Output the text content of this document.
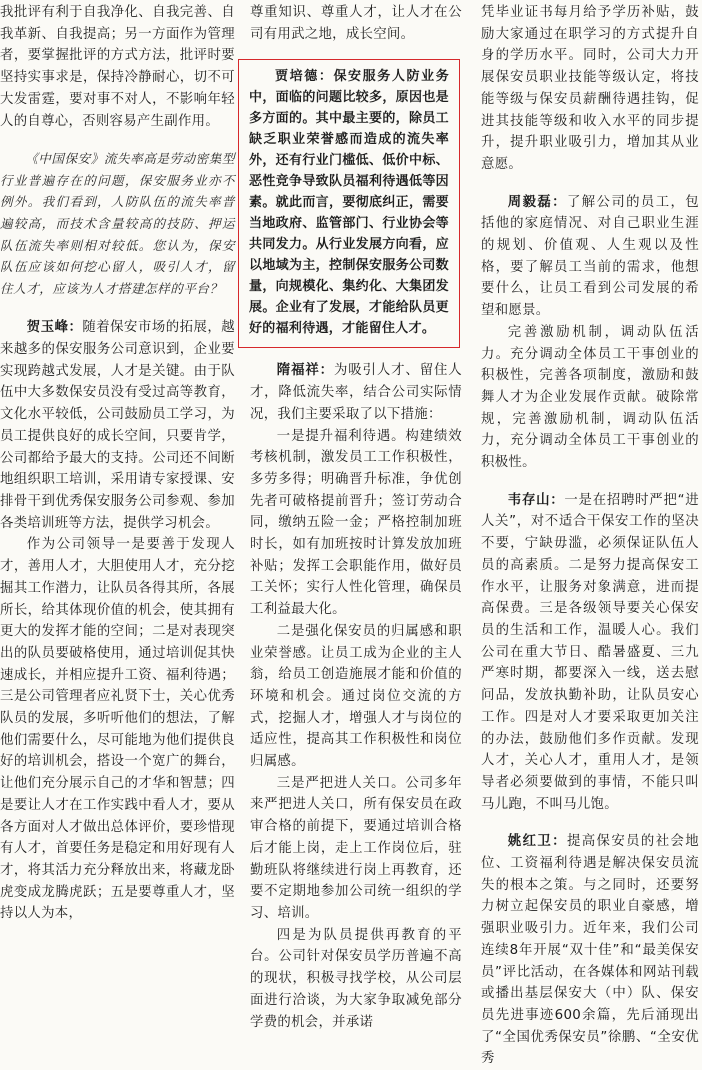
我批评有利于自我净化、自我完善、自我革新、自我提高；另一方面作为管理者，要掌握批评的方式方法，批评时要坚持实事求是，保持冷静耐心，切不可大发雷霆，要对事不对人，不影响年轻人的自尊心，否则容易产生副作用。

《中国保安》流失率高是劳动密集型行业普遍存在的问题，保安服务业亦不例外。我们看到，人防队伍的流失率普遍较高，而技术含量较高的技防、押运队伍流失率则相对较低。您认为，保安队伍应该如何挖心留人，吸引人才，留住人才，应该为人才搭建怎样的平台？

贺玉峰：随着保安市场的拓展，越来越多的保安服务公司意识到，企业要实现跨越式发展，人才是关键。由于队伍中大多数保安员没有受过高等教育，文化水平较低，公司鼓励员工学习，为员工提供良好的成长空间，只要肯学，公司都给予最大的支持。公司还不间断地组织职工培训，采用请专家授课、安排骨干到优秀保安服务公司参观、参加各类培训班等方法，提供学习机会。

作为公司领导一是要善于发现人才，善用人才，大胆使用人才，充分挖掘其工作潜力，让队员各得其所，各展所长，给其体现价值的机会，使其拥有更大的发挥才能的空间；二是对表现突出的队员要破格使用，通过培训促其快速成长，并相应提升工资、福利待遇；三是公司管理者应礼贤下士，关心优秀队员的发展，多听听他们的想法，了解他们需要什么，尽可能地为他们提供良好的培训机会，搭设一个宽广的舞台，让他们充分展示自己的才华和智慧；四是要让人才在工作实践中看人才，要从各方面对人才做出总体评价，要珍惜现有人才，首要任务是稳定和用好现有人才，将其活力充分释放出来，将藏龙卧虎变成龙腾虎跃；五是要尊重人才，坚持以人为本，

尊重知识、尊重人才，让人才在公司有用武之地，成长空间。

贾培德：保安服务人防业务中，面临的问题比较多，原因也是多方面的。其中最主要的，除员工缺乏职业荣誉感而造成的流失率外，还有行业门槛低、低价中标、恶性竞争导致队员福利待遇低等因素。就此而言，要彻底纠正，需要当地政府、监管部门、行业协会等共同发力。从行业发展方向看，应以地域为主，控制保安服务公司数量，向规模化、集约化、大集团发展。企业有了发展，才能给队员更好的福利待遇，才能留住人才。

隋福祥：为吸引人才、留住人才，降低流失率，结合公司实际情况，我们主要采取了以下措施：

一是提升福利待遇。构建绩效考核机制，激发员工工作积极性，多劳多得；明确晋升标准，争优创先者可破格提前晋升；签订劳动合同，缴纳五险一金；严格控制加班时长，如有加班按时计算发放加班补贴；发挥工会职能作用，做好员工关怀；实行人性化管理，确保员工利益最大化。

二是强化保安员的归属感和职业荣誉感。让员工成为企业的主人翁，给员工创造施展才能和价值的环境和机会。通过岗位交流的方式，挖掘人才，增强人才与岗位的适应性，提高其工作积极性和岗位归属感。

三是严把进人关口。公司多年来严把进人关口，所有保安员在政审合格的前提下，要通过培训合格后才能上岗，走上工作岗位后，驻勤班队将继续进行岗上再教育，还要不定期地参加公司统一组织的学习、培训。

四是为队员提供再教育的平台。公司针对保安员学历普遍不高的现状，积极寻找学校，从公司层面进行洽谈，为大家争取减免部分学费的机会，并承诺

凭毕业证书每月给予学历补贴，鼓励大家通过在职学习的方式提升自身的学历水平。同时，公司大力开展保安员职业技能等级认定，将技能等级与保安员薪酬待遇挂钩，促进其技能等级和收入水平的同步提升，提升职业吸引力，增加其从业意愿。

周毅磊：了解公司的员工，包括他的家庭情况、对自己职业生涯的规划、价值观、人生观以及性格，要了解员工当前的需求，他想要什么，让员工看到公司发展的希望和愿景。

完善激励机制，调动队伍活力。充分调动全体员工干事创业的积极性，完善各项制度，激励和鼓舞人才为企业发展作贡献。破除常规，完善激励机制，调动队伍活力，充分调动全体员工干事创业的积极性。

韦存山：一是在招聘时严把“进人关”，对不适合干保安工作的坚决不要，宁缺毋滥，必须保证队伍人员的高素质。二是努力提高保安工作水平，让服务对象满意，进而提高保费。三是各级领导要关心保安员的生活和工作，温暖人心。我们公司在重大节日、酷暑盛夏、三九严寒时期，都要深入一线，送去慰问品，发放执勤补助，让队员安心工作。四是对人才要采取更加关注的办法，鼓励他们多作贡献。发现人才，关心人才，重用人才，是领导者必须要做到的事情，不能只叫马儿跑，不叫马儿饱。

姚红卫：提高保安员的社会地位、工资福利待遇是解决保安员流失的根本之策。与之同时，还要努力树立起保安员的职业自豪感，增强职业吸引力。近年来，我们公司连续8年开展“双十佳”和“最美保安员”评比活动，在各媒体和网站刊载或播出基层保安大（中）队、保安员先进事迹600余篇，先后涌现出了“全国优秀保安员”徐鹏、“全安优秀
